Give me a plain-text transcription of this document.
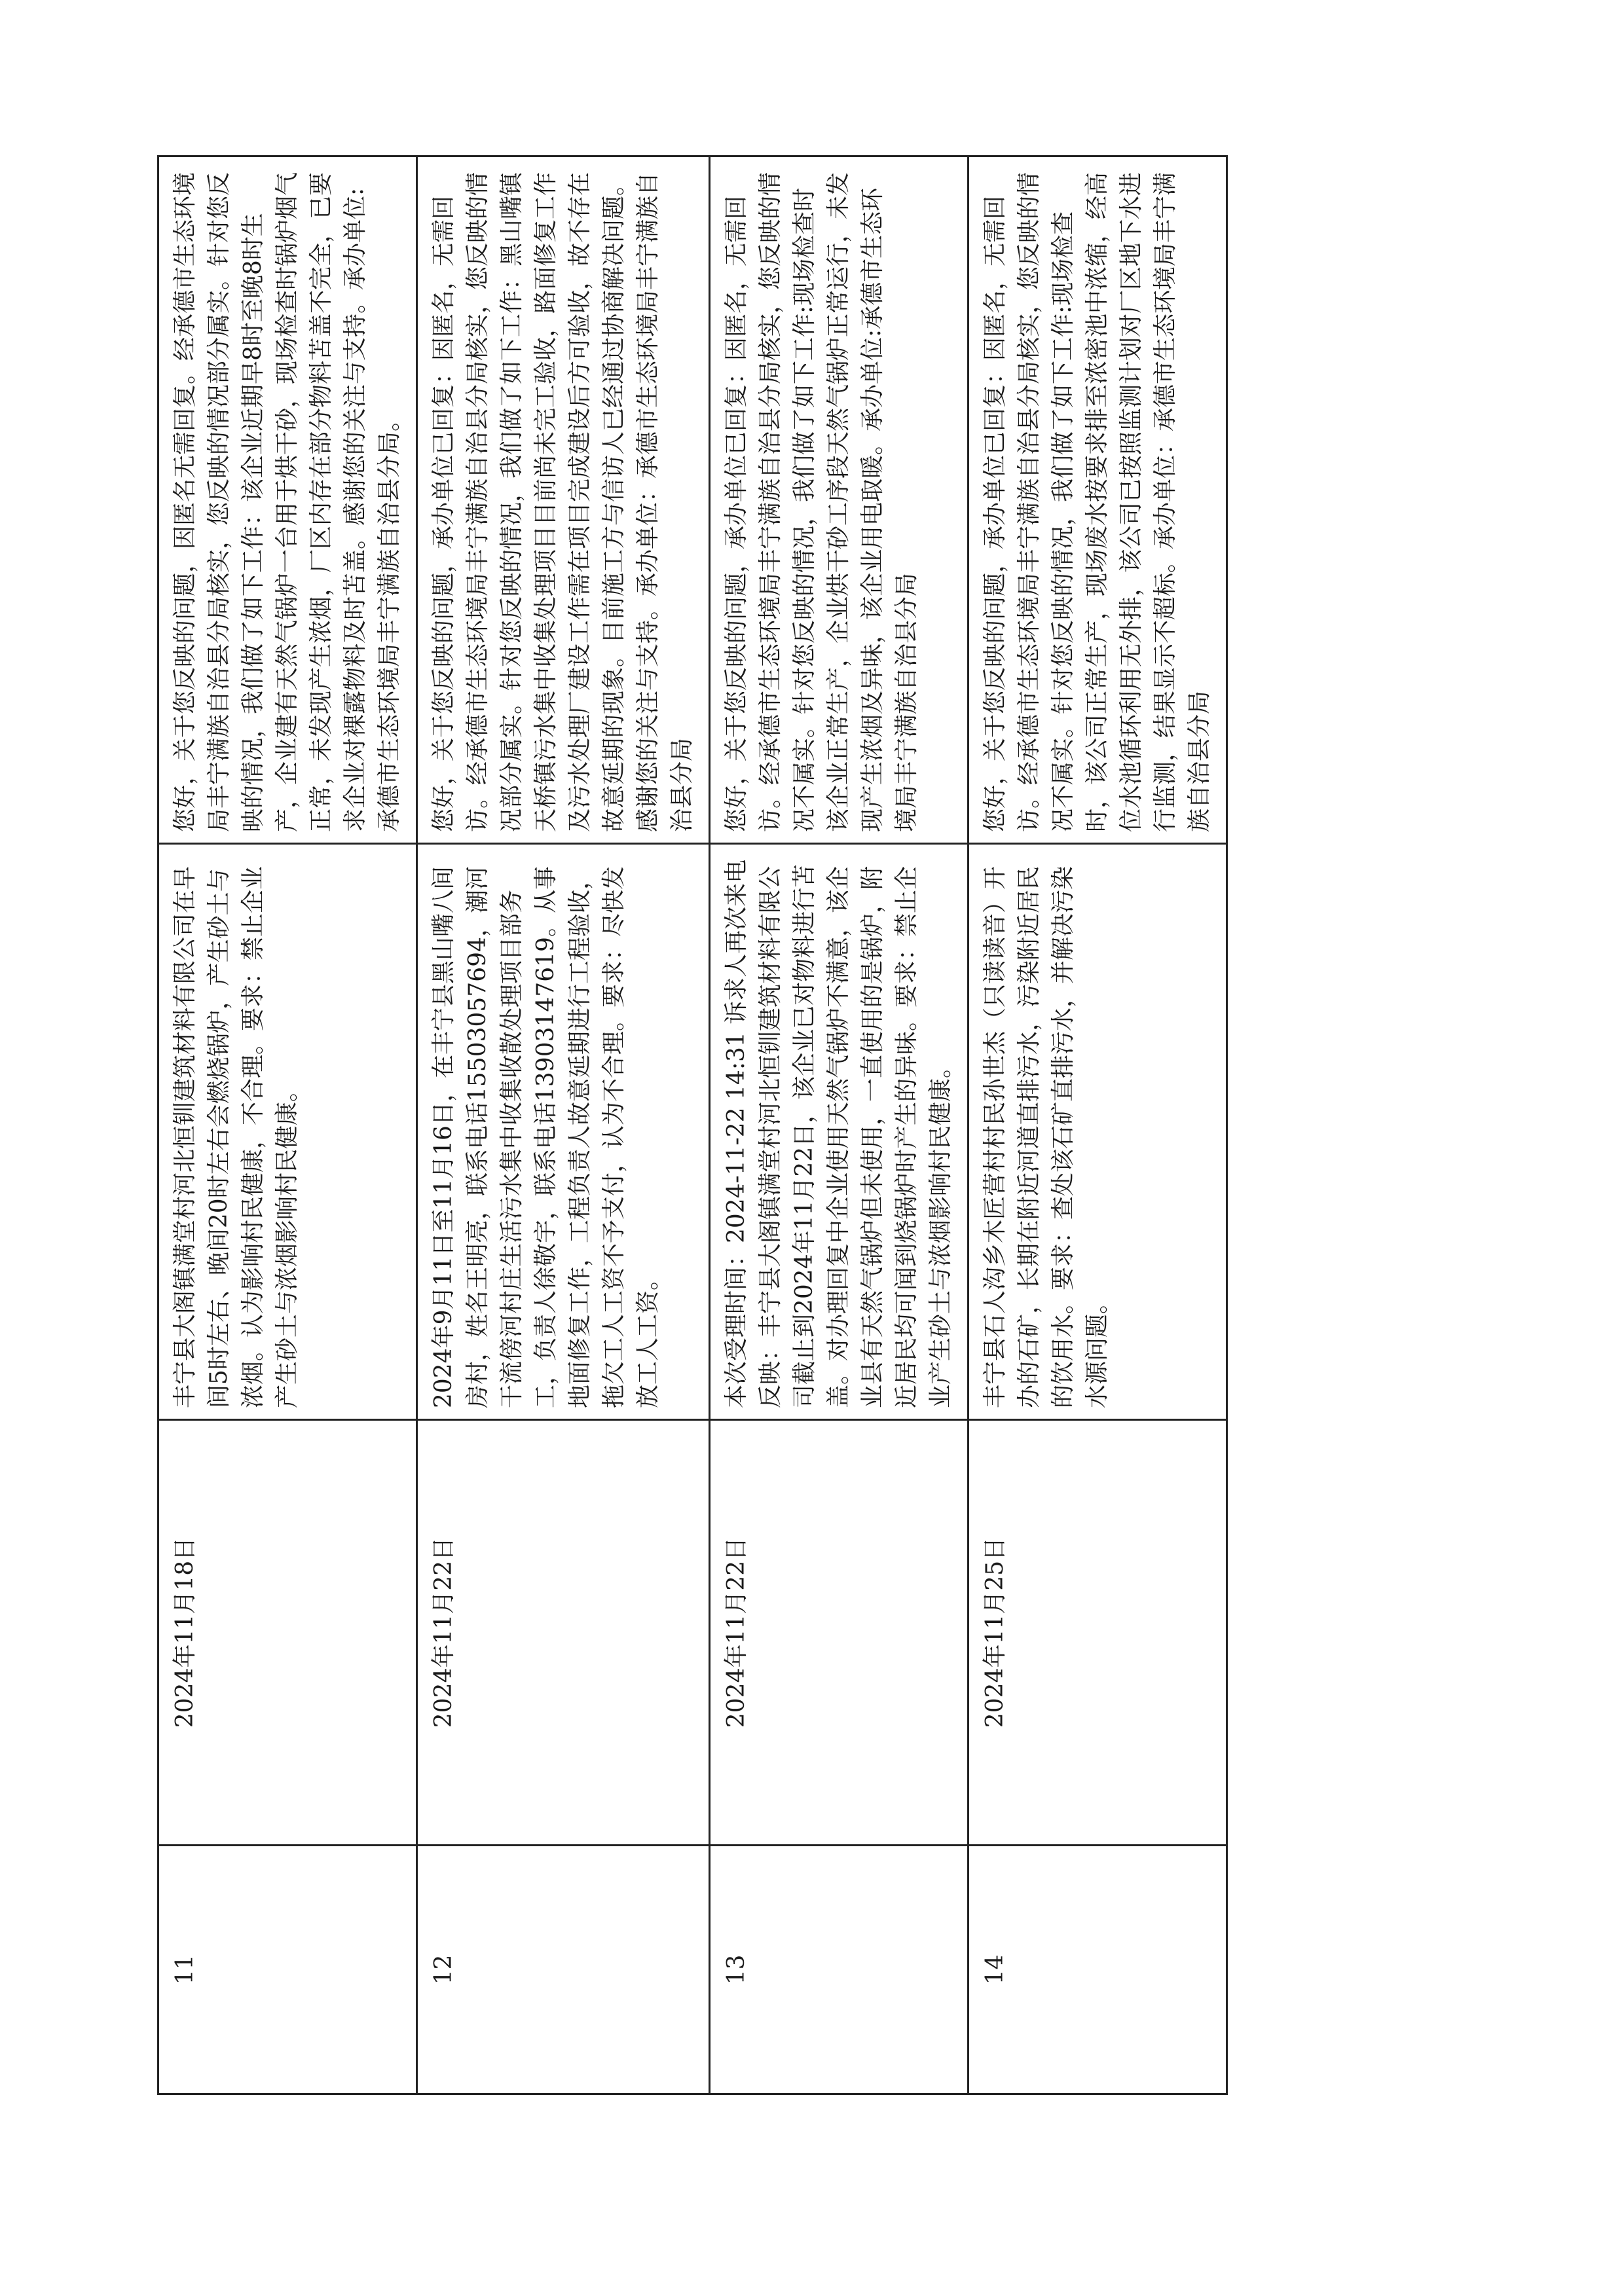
11	2024年11月18日	丰宁县大阁镇满堂村河北恒钏建筑材料有限公司在早间5时左右、晚间20时左右会燃烧锅炉，产生砂土与浓烟。认为影响村民健康，不合理。要求：禁止企业产生砂土与浓烟影响村民健康。	您好，关于您反映的问题，因匿名无需回复。经承德市生态环境局丰宁满族自治县分局核实，您反映的情况部分属实。针对您反映的情况，我们做了如下工作：该企业近期早8时至晚8时生产，企业建有天然气锅炉一台用于烘干砂，现场检查时锅炉烟气正常，未发现产生浓烟，厂区内存在部分物料苫盖不完全，已要求企业对裸露物料及时苫盖。感谢您的关注与支持。承办单位:承德市生态环境局丰宁满族自治县分局。

12	2024年11月22日	2024年9月11日至11月16日，在丰宁县黑山嘴八间房村，姓名王明亮，联系电话15503057694，潮河干流傍河村庄生活污水集中收集收散处理项目部务工，负责人徐敬宇，联系电话13903147619。从事地面修复工作，工程负责人故意延期进行工程验收，拖欠工人工资不予支付，认为不合理。要求：尽快发放工人工资。	您好，关于您反映的问题，承办单位已回复：因匿名，无需回访。经承德市生态环境局丰宁满族自治县分局核实，您反映的情况部分属实。针对您反映的情况，我们做了如下工作：黑山嘴镇天桥镇污水集中收集处理项目目前尚未完工验收，路面修复工作及污水处理厂建设工作需在项目完成建设后方可验收，故不存在故意延期的现象。目前施工方与信访人已经通过协商解决问题。感谢您的关注与支持。承办单位：承德市生态环境局丰宁满族自治县分局

13	2024年11月22日	本次受理时间：2024-11-22 14:31 诉求人再次来电反映：丰宁县大阁镇满堂村河北恒钏建筑材料有限公司截止到2024年11月22日，该企业已对物料进行苫盖。对办理回复中企业使用天然气锅炉不满意，该企业县有天然气锅炉但未使用，一直使用的是锅炉，附近居民均可闻到烧锅炉时产生的异味。要求：禁止企业产生砂土与浓烟影响村民健康。	您好，关于您反映的问题，承办单位已回复：因匿名，无需回访。经承德市生态环境局丰宁满族自治县分局核实，您反映的情况不属实。针对您反映的情况，我们做了如下工作:现场检查时该企业正常生产，企业烘干砂工序段天然气锅炉正常运行，未发现产生浓烟及异味，该企业用电取暖。承办单位:承德市生态环境局丰宁满族自治县分局

14	2024年11月25日	丰宁县石人沟乡木匠营村村民孙世杰（只读读音）开办的石矿，长期在附近河道直排污水，污染附近居民的饮用水。要求：查处该石矿直排污水，并解决污染水源问题。	您好，关于您反映的问题，承办单位已回复：因匿名，无需回访。经承德市生态环境局丰宁满族自治县分局核实，您反映的情况不属实。针对您反映的情况，我们做了如下工作:现场检查时，该公司正常生产，现场废水按要求排至浓密池中浓缩，经高位水池循环利用无外排，该公司已按照监测计划对厂区地下水进行监测，结果显示不超标。承办单位：承德市生态环境局丰宁满族自治县分局
